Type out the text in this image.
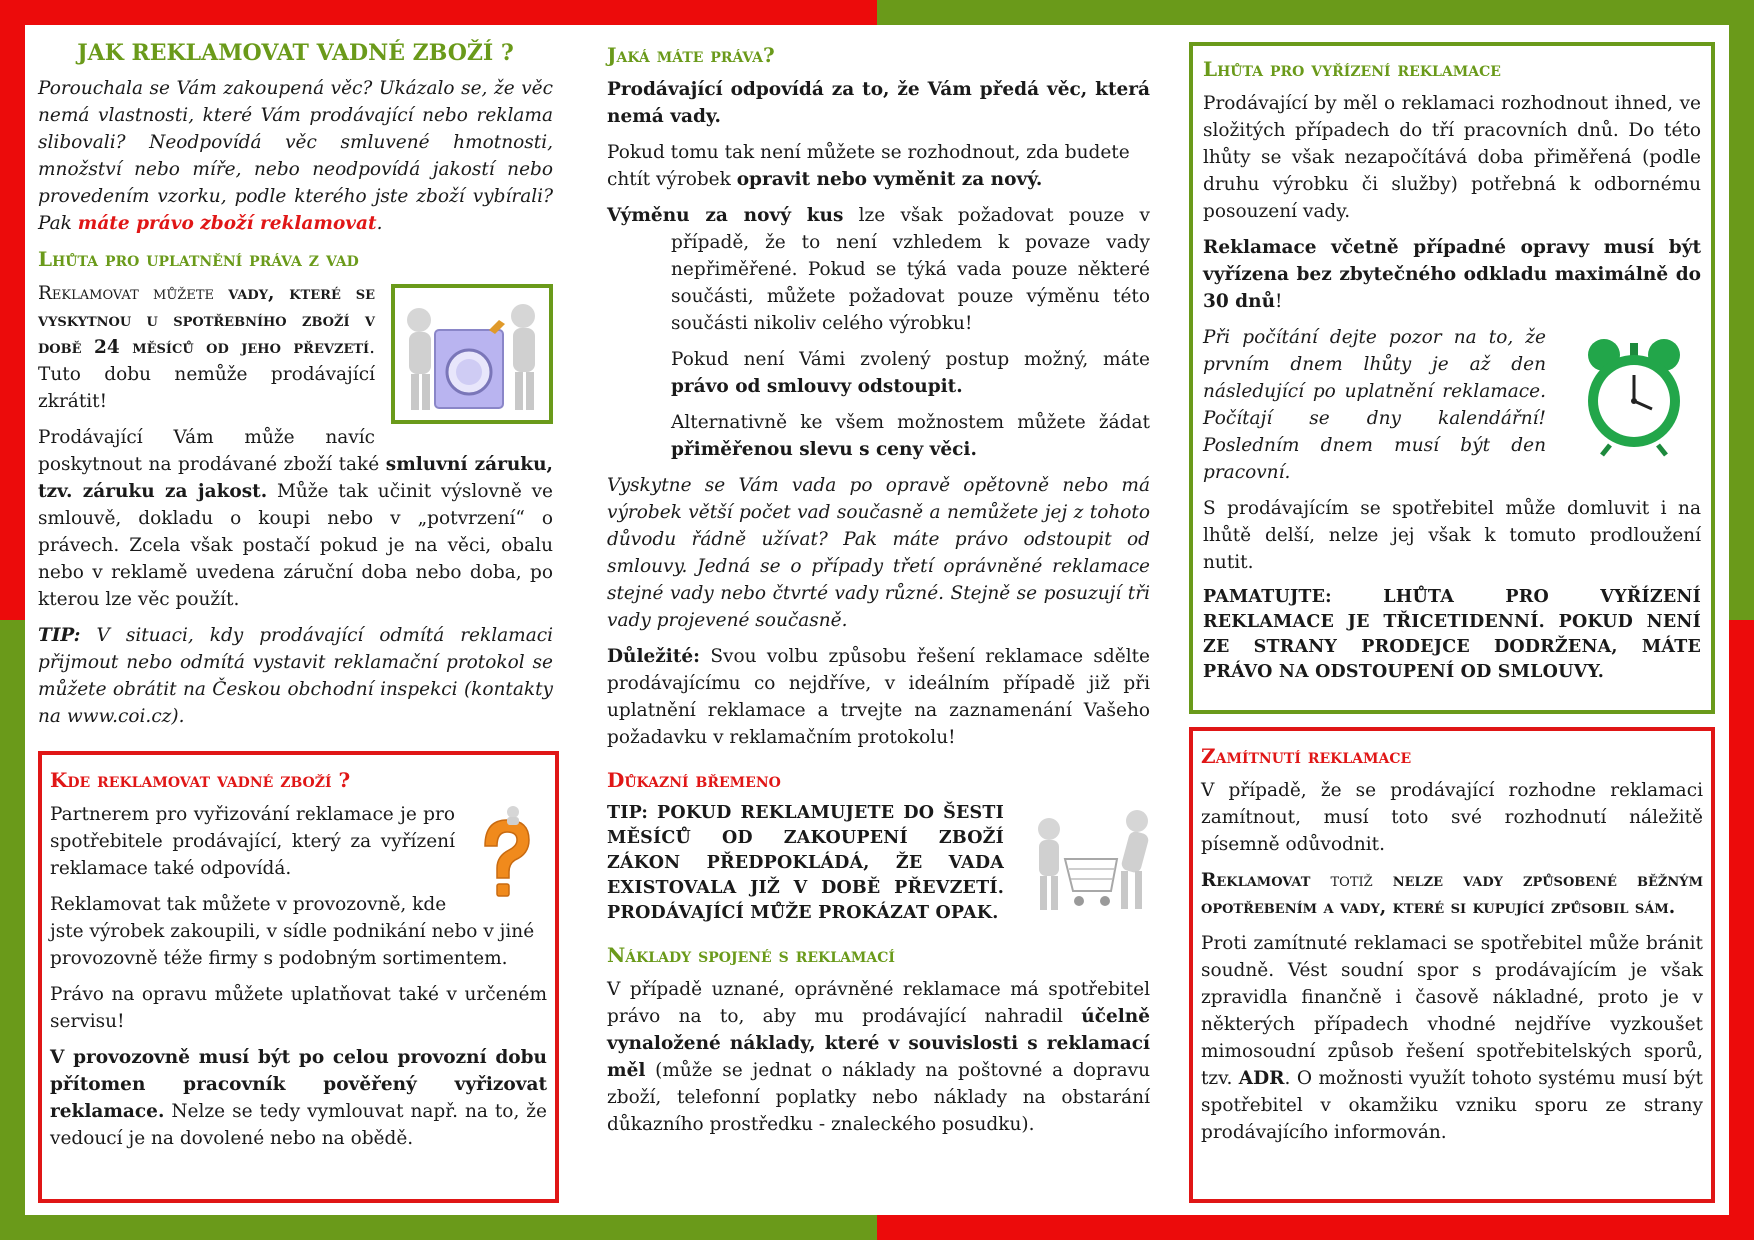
JAK REKLAMOVAT VADNÉ ZBOŽÍ ?

Porouchala se Vám zakoupená věc? Ukázalo se, že věc nemá vlastnosti, které Vám prodávající nebo reklama slibovali? Neodpovídá věc smluvené hmotnosti, množství nebo míře, nebo neodpovídá jakostí nebo provedením vzorku, podle kterého jste zboží vybírali? Pak máte právo zboží reklamovat.

Lhůta pro uplatnění práva z vad

Reklamovat můžete vady, které se vyskytnou u spotřebního zboží v době 24 měsíců od jeho převzetí. Tuto dobu nemůže prodávající zkrátit!

Prodávající Vám může navíc poskytnout na prodávané zboží také smluvní záruku, tzv. záruku za jakost. Může tak učinit výslovně ve smlouvě, dokladu o koupi nebo v „potvrzení“ o právech. Zcela však postačí pokud je na věci, obalu nebo v reklamě uvedena záruční doba nebo doba, po kterou lze věc použít.

TIP: V situaci, kdy prodávající odmítá reklamaci přijmout nebo odmítá vystavit reklamační protokol se můžete obrátit na Českou obchodní inspekci (kontakty na www.coi.cz).

Kde reklamovat vadné zboží ?

Partnerem pro vyřizování reklamace je pro spotřebitele prodávající, který za vyřízení reklamace také odpovídá.

Reklamovat tak můžete v provozovně, kde jste výrobek zakoupili, v sídle podnikání nebo v jiné provozovně téže firmy s podobným sortimentem.

Právo na opravu můžete uplatňovat také v určeném servisu!

V provozovně musí být po celou provozní dobu přítomen pracovník pověřený vyřizovat reklamace. Nelze se tedy vymlouvat např. na to, že vedoucí je na dovolené nebo na obědě.

Jaká máte práva?

Prodávající odpovídá za to, že Vám předá věc, která nemá vady.

Pokud tomu tak není můžete se rozhodnout, zda budete chtít výrobek opravit nebo vyměnit za nový.

Výměnu za nový kus lze však požadovat pouze v případě, že to není vzhledem k povaze vady nepřiměřené. Pokud se týká vada pouze některé součásti, můžete požadovat pouze výměnu této součásti nikoliv celého výrobku!

Pokud není Vámi zvolený postup možný, máte právo od smlouvy odstoupit.

Alternativně ke všem možnostem můžete žádat přiměřenou slevu s ceny věci.

Vyskytne se Vám vada po opravě opětovně nebo má výrobek větší počet vad současně a nemůžete jej z tohoto důvodu řádně užívat? Pak máte právo odstoupit od smlouvy. Jedná se o případy třetí oprávněné reklamace stejné vady nebo čtvrté vady různé. Stejně se posuzují tři vady projevené současně.

Důležité: Svou volbu způsobu řešení reklamace sdělte prodávajícímu co nejdříve, v ideálním případě již při uplatnění reklamace a trvejte na zaznamenání Vašeho požadavku v reklamačním protokolu!

Důkazní břemeno

TIP: POKUD REKLAMUJETE DO ŠESTI MĚSÍCŮ OD ZAKOUPENÍ ZBOŽÍ ZÁKON PŘEDPOKLÁDÁ, ŽE VADA EXISTOVALA JIŽ V DOBĚ PŘEVZETÍ. PRODÁVAJÍCÍ MŮŽE PROKÁZAT OPAK.

Náklady spojené s reklamací

V případě uznané, oprávněné reklamace má spotřebitel právo na to, aby mu prodávající nahradil účelně vynaložené náklady, které v souvislosti s reklamací měl (může se jednat o náklady na poštovné a dopravu zboží, telefonní poplatky nebo náklady na obstarání důkazního prostředku - znaleckého posudku).

Lhůta pro vyřízení reklamace

Prodávající by měl o reklamaci rozhodnout ihned, ve složitých případech do tří pracovních dnů. Do této lhůty se však nezapočítává doba přiměřená (podle druhu výrobku či služby) potřebná k odbornému posouzení vady.

Reklamace včetně případné opravy musí být vyřízena bez zbytečného odkladu maximálně do 30 dnů!

Při počítání dejte pozor na to, že prvním dnem lhůty je až den následující po uplatnění reklamace. Počítají se dny kalendářní! Posledním dnem musí být den pracovní.

S prodávajícím se spotřebitel může domluvit i na lhůtě delší, nelze jej však k tomuto prodloužení nutit.

PAMATUJTE: LHŮTA PRO VYŘÍZENÍ REKLAMACE JE TŘICETIDENNÍ. POKUD NENÍ ZE STRANY PRODEJCE DODRŽENA, MÁTE PRÁVO NA ODSTOUPENÍ OD SMLOUVY.

Zamítnutí reklamace

V případě, že se prodávající rozhodne reklamaci zamítnout, musí toto své rozhodnutí náležitě písemně odůvodnit.

Reklamovat totiž nelze vady způsobené běžným opotřebením a vady, které si kupující způsobil sám.

Proti zamítnuté reklamaci se spotřebitel může bránit soudně. Vést soudní spor s prodávajícím je však zpravidla finančně i časově nákladné, proto je v některých případech vhodné nejdříve vyzkoušet mimosoudní způsob řešení spotřebitelských sporů, tzv. ADR. O možnosti využít tohoto systému musí být spotřebitel v okamžiku vzniku sporu ze strany prodávajícího informován.
